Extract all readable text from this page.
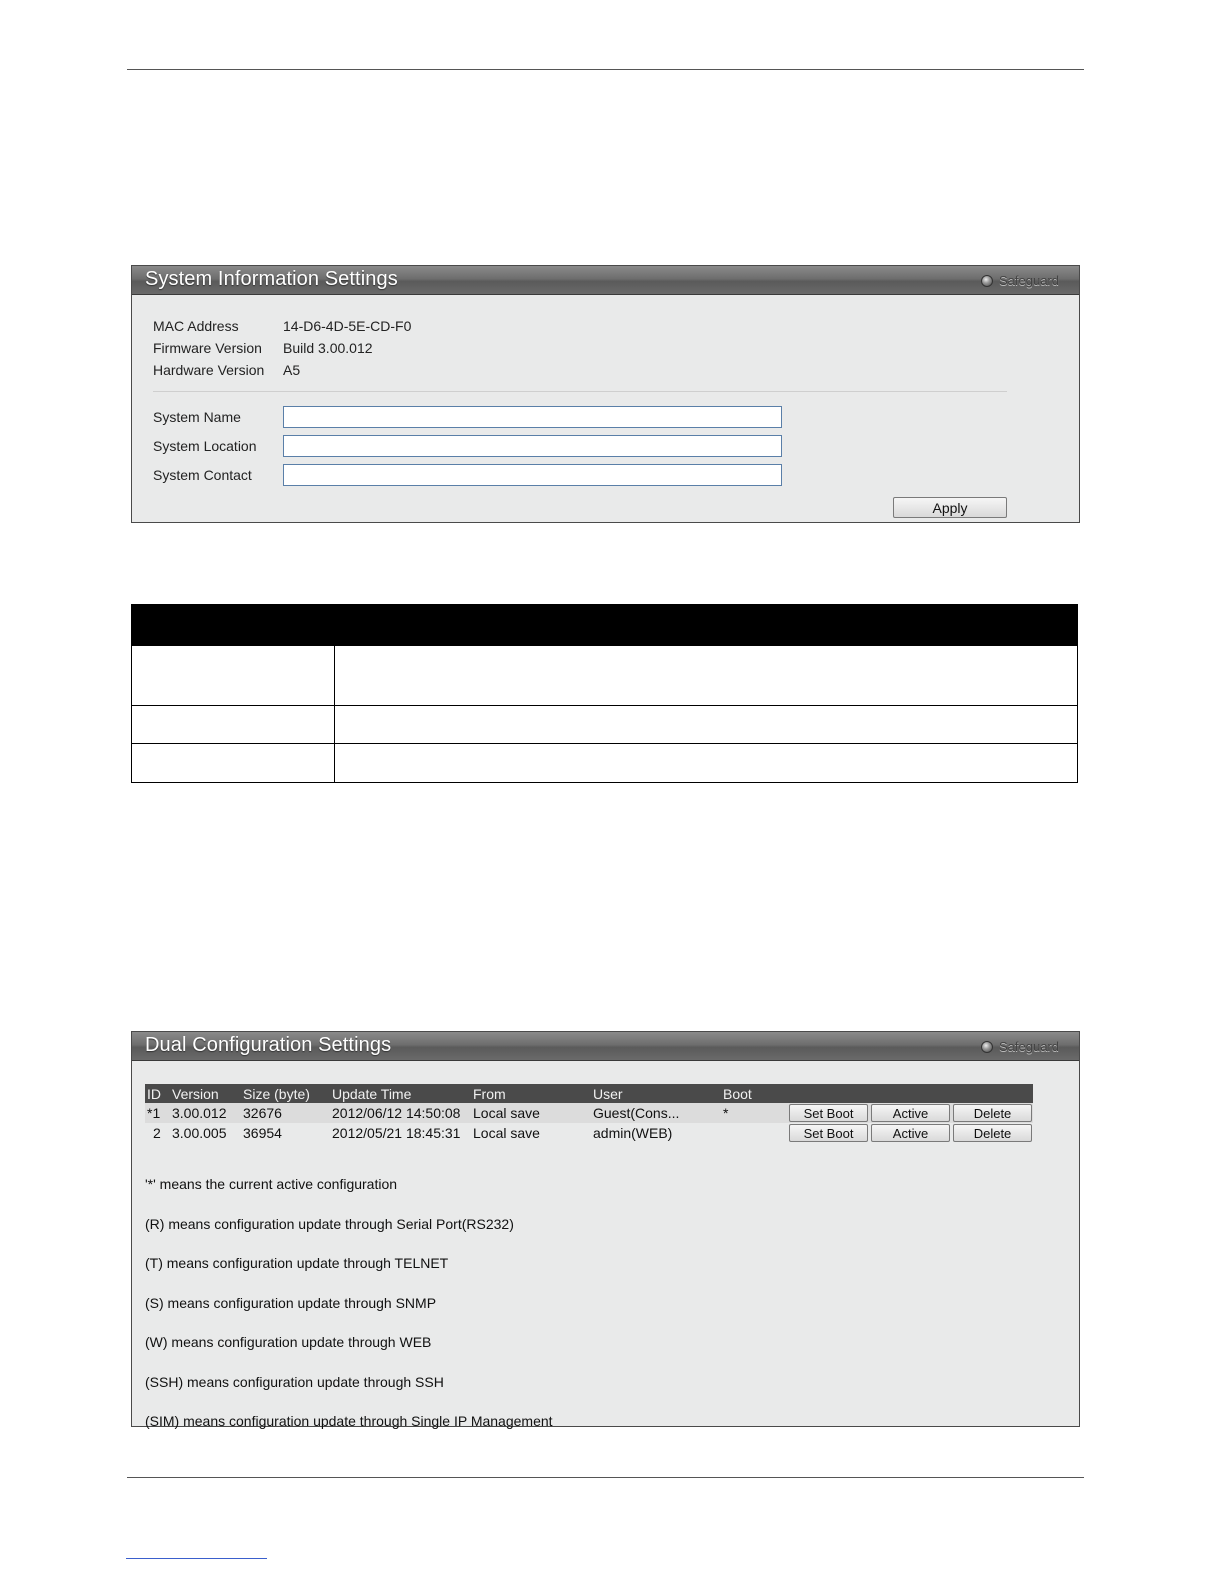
System Information Settings	Safeguard
MAC Address	14-D6-4D-5E-CD-F0
Firmware Version Build 3.00.012
Hardware Version A5
System Name
System Location
System Contact
Apply

Dual Configuration Settings	Safeguard
ID	Version	Size (byte)	Update Time	From	User	Boot	
*1	3.00.012	32676	2012/06/12 14:50:08	Local save	Guest(Cons...	*	Set Boot Active Delete
2	3.00.005	36954	2012/05/21 18:45:31	Local save	admin(WEB)		Set Boot Active Delete
'*' means the current active configuration
(R) means configuration update through Serial Port(RS232)
(T) means configuration update through TELNET
(S) means configuration update through SNMP
(W) means configuration update through WEB
(SSH) means configuration update through SSH
(SIM) means configuration update through Single IP Management
